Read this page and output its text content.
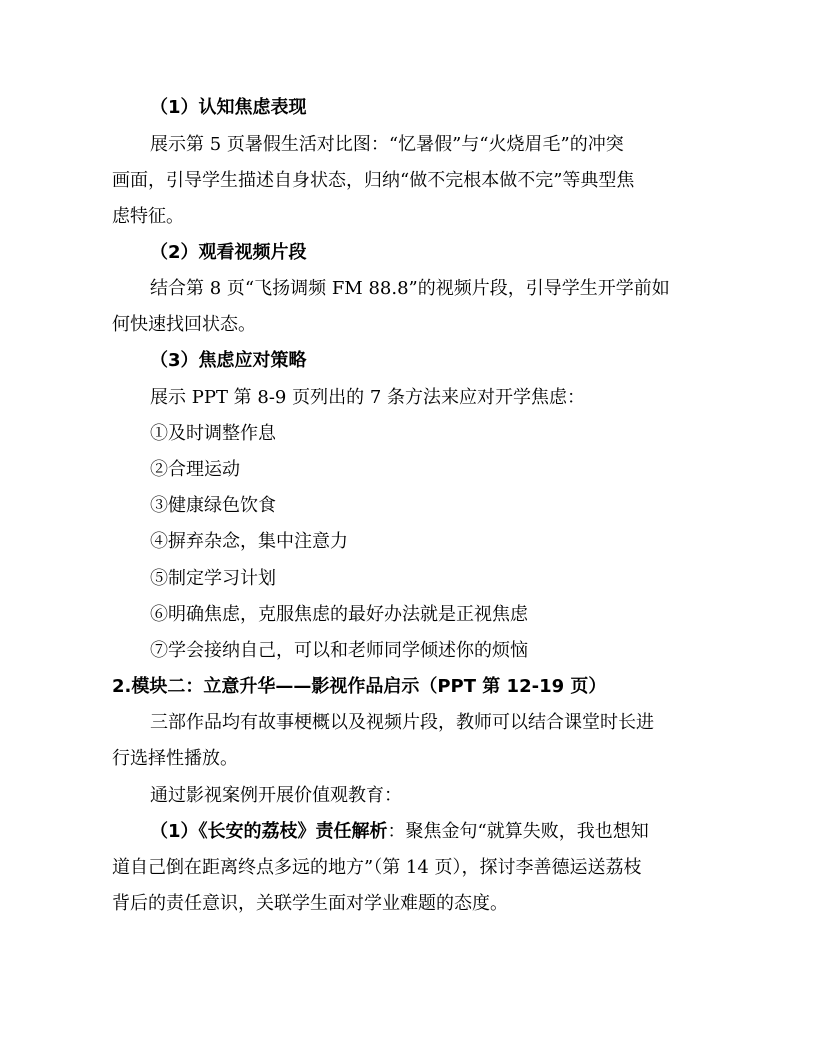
（1）认知焦虑表现
展示第 5 页暑假生活对比图：“忆暑假”与“火烧眉毛”的冲突
画面，引导学生描述自身状态，归纳“做不完根本做不完”等典型焦
虑特征。
（2）观看视频片段
结合第 8 页“飞扬调频 FM 88.8”的视频片段，引导学生开学前如
何快速找回状态。
（3）焦虑应对策略
展示 PPT 第 8-9 页列出的 7 条方法来应对开学焦虑：
①及时调整作息
②合理运动
③健康绿色饮食
④摒弃杂念，集中注意力
⑤制定学习计划
⑥明确焦虑，克服焦虑的最好办法就是正视焦虑
⑦学会接纳自己，可以和老师同学倾述你的烦恼
2.模块二：立意升华——影视作品启示（PPT 第 12-19 页）
三部作品均有故事梗概以及视频片段，教师可以结合课堂时长进
行选择性播放。
通过影视案例开展价值观教育：
（1）《长安的荔枝》责任解析：聚焦金句“就算失败，我也想知
道自己倒在距离终点多远的地方”（第 14 页），探讨李善德运送荔枝
背后的责任意识，关联学生面对学业难题的态度。
